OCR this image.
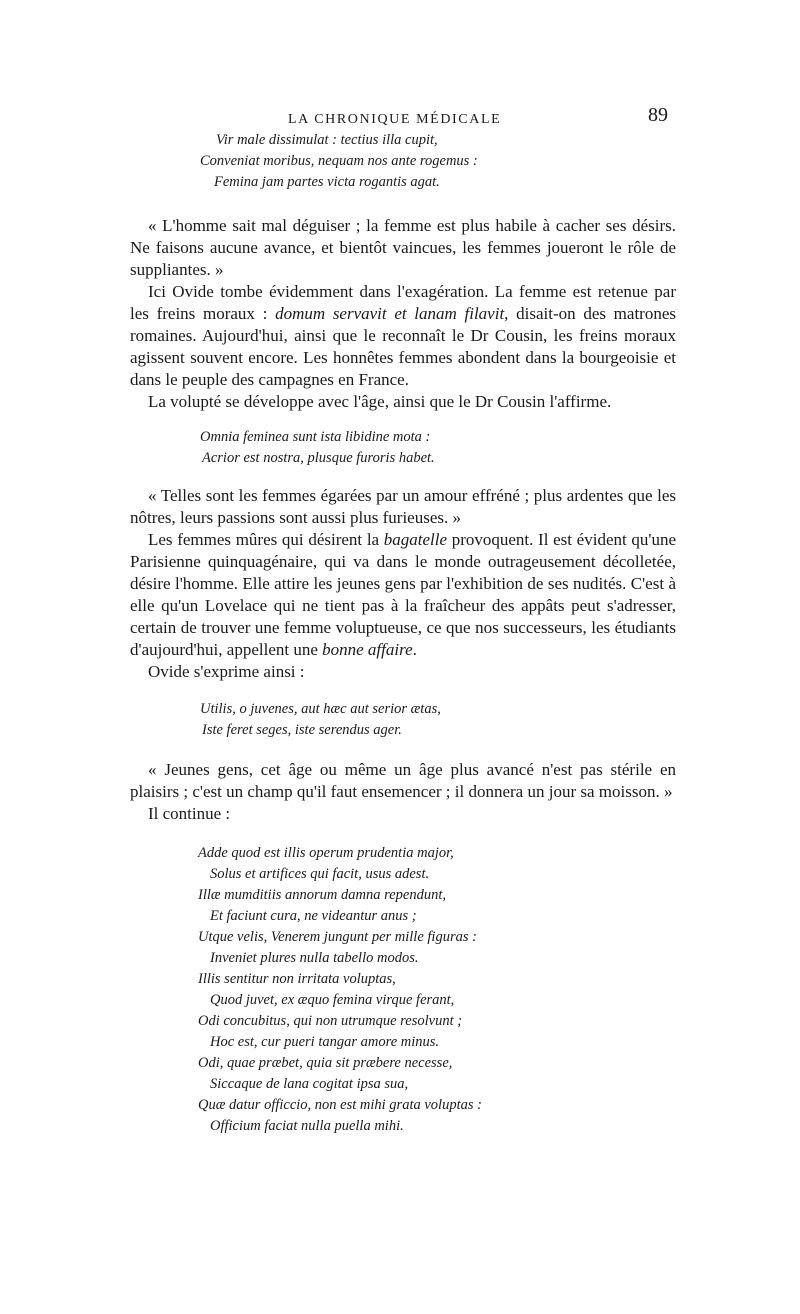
LA CHRONIQUE MÉDICALE	89
Vir male dissimulat : tectius illa cupit,
Conveniat moribus, nequam nos ante rogemus :
Femina jam partes victa rogantis agat.

« L'homme sait mal déguiser ; la femme est plus habile à cacher ses désirs. Ne faisons aucune avance, et bientôt vaincues, les femmes joueront le rôle de suppliantes. »

Ici Ovide tombe évidemment dans l'exagération. La femme est retenue par les freins moraux : domum servavit et lanam filavit, disait-on des matrones romaines. Aujourd'hui, ainsi que le reconnaît le Dr Cousin, les freins moraux agissent souvent encore. Les honnêtes femmes abondent dans la bourgeoisie et dans le peuple des campagnes en France.

La volupté se développe avec l'âge, ainsi que le Dr Cousin l'affirme.

Omnia feminea sunt ista libidine mota :
Acrior est nostra, plusque furoris habet.

« Telles sont les femmes égarées par un amour effréné ; plus ardentes que les nôtres, leurs passions sont aussi plus furieuses. »

Les femmes mûres qui désirent la bagatelle provoquent. Il est évident qu'une Parisienne quinquagénaire, qui va dans le monde outrageusement décolletée, désire l'homme. Elle attire les jeunes gens par l'exhibition de ses nudités. C'est à elle qu'un Lovelace qui ne tient pas à la fraîcheur des appâts peut s'adresser, certain de trouver une femme voluptueuse, ce que nos successeurs, les étudiants d'aujourd'hui, appellent une bonne affaire.

Ovide s'exprime ainsi :

Utilis, o juvenes, aut hæc aut serior ætas,
Iste feret seges, iste serendus ager.

« Jeunes gens, cet âge ou même un âge plus avancé n'est pas stérile en plaisirs ; c'est un champ qu'il faut ensemencer ; il donnera un jour sa moisson. »

Il continue :

Adde quod est illis operum prudentia major,
Solus et artifices qui facit, usus adest.
Illæ mumditiis annorum damna rependunt,
Et faciunt cura, ne videantur anus ;
Utque velis, Venerem jungunt per mille figuras :
Inveniet plures nulla tabello modos.
Illis sentitur non irritata voluptas,
Quod juvet, ex æquo femina virque ferant,
Odi concubitus, qui non utrumque resolvunt ;
Hoc est, cur pueri tangar amore minus.
Odi, quae præbet, quia sit præbere necesse,
Siccaque de lana cogitat ipsa sua,
Quæ datur officcio, non est mihi grata voluptas :
Officium faciat nulla puella mihi.
